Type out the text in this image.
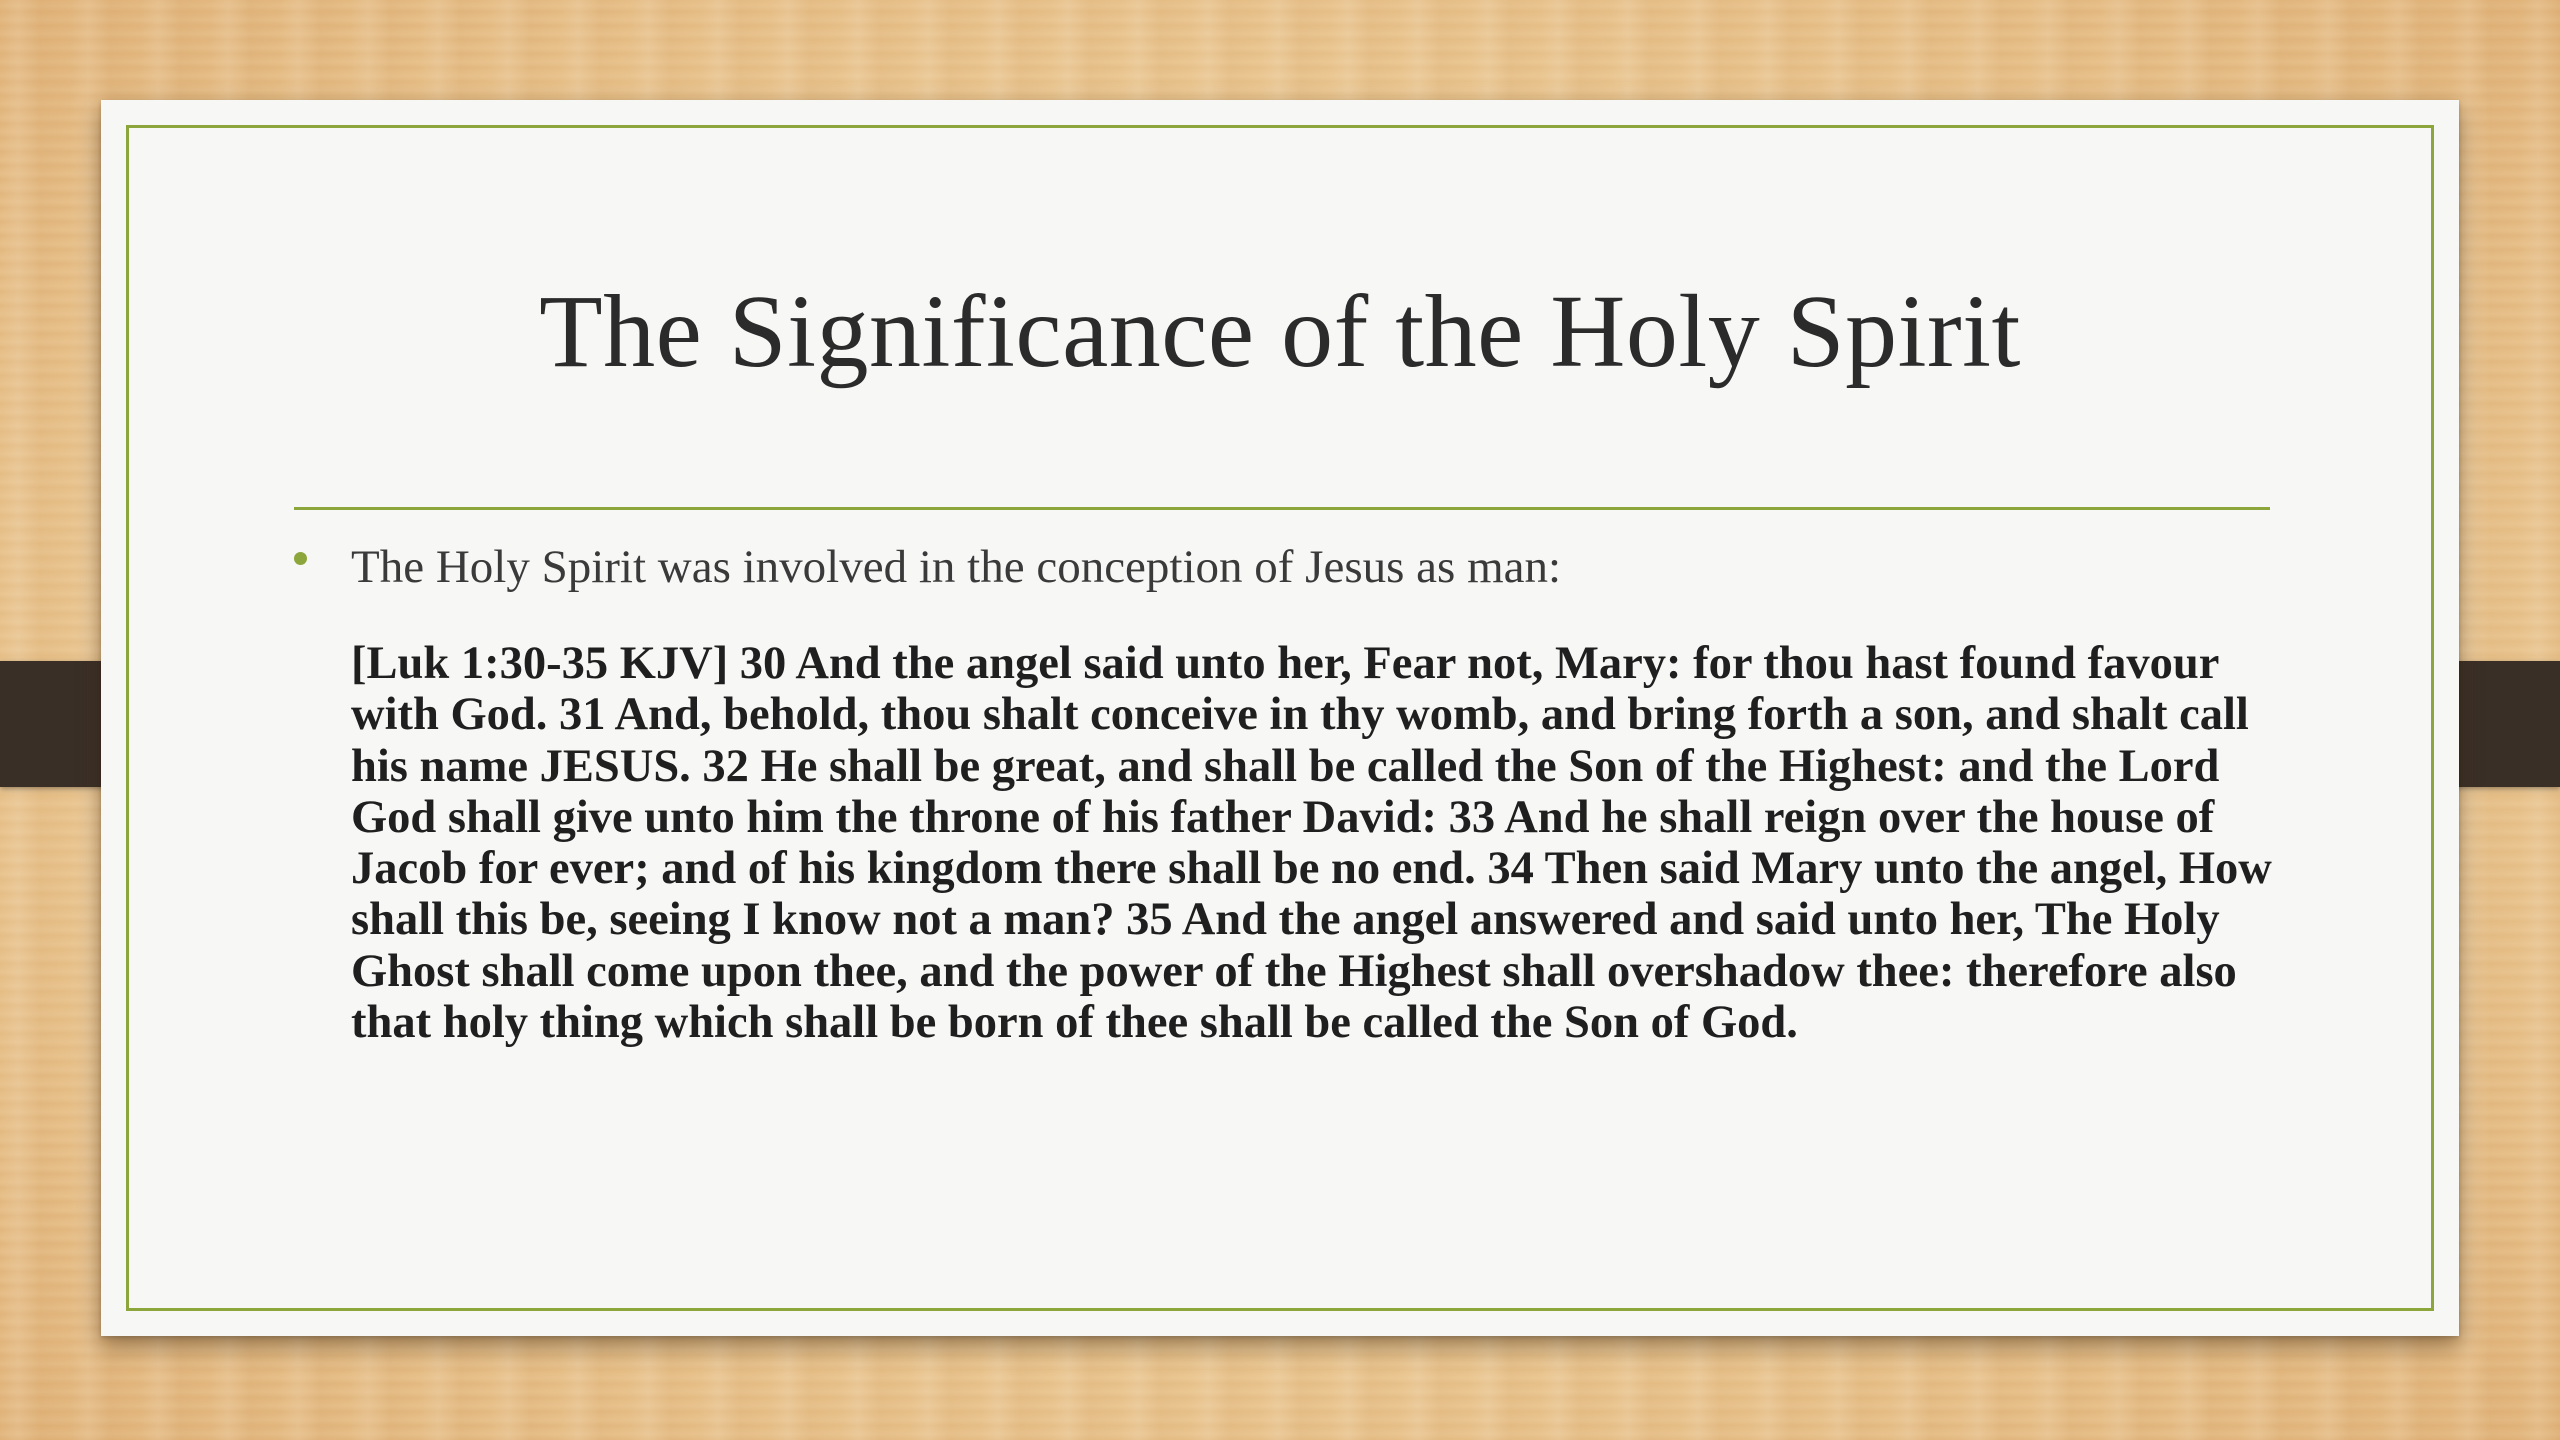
The Significance of the Holy Spirit
The Holy Spirit was involved in the conception of Jesus as man:
[Luk 1:30-35 KJV] 30 And the angel said unto her, Fear not, Mary: for thou hast found favour with God. 31 And, behold, thou shalt conceive in thy womb, and bring forth a son, and shalt call his name JESUS. 32 He shall be great, and shall be called the Son of the Highest: and the Lord God shall give unto him the throne of his father David: 33 And he shall reign over the house of Jacob for ever; and of his kingdom there shall be no end. 34 Then said Mary unto the angel, How shall this be, seeing I know not a man? 35 And the angel answered and said unto her, The Holy Ghost shall come upon thee, and the power of the Highest shall overshadow thee: therefore also that holy thing which shall be born of thee shall be called the Son of God.
